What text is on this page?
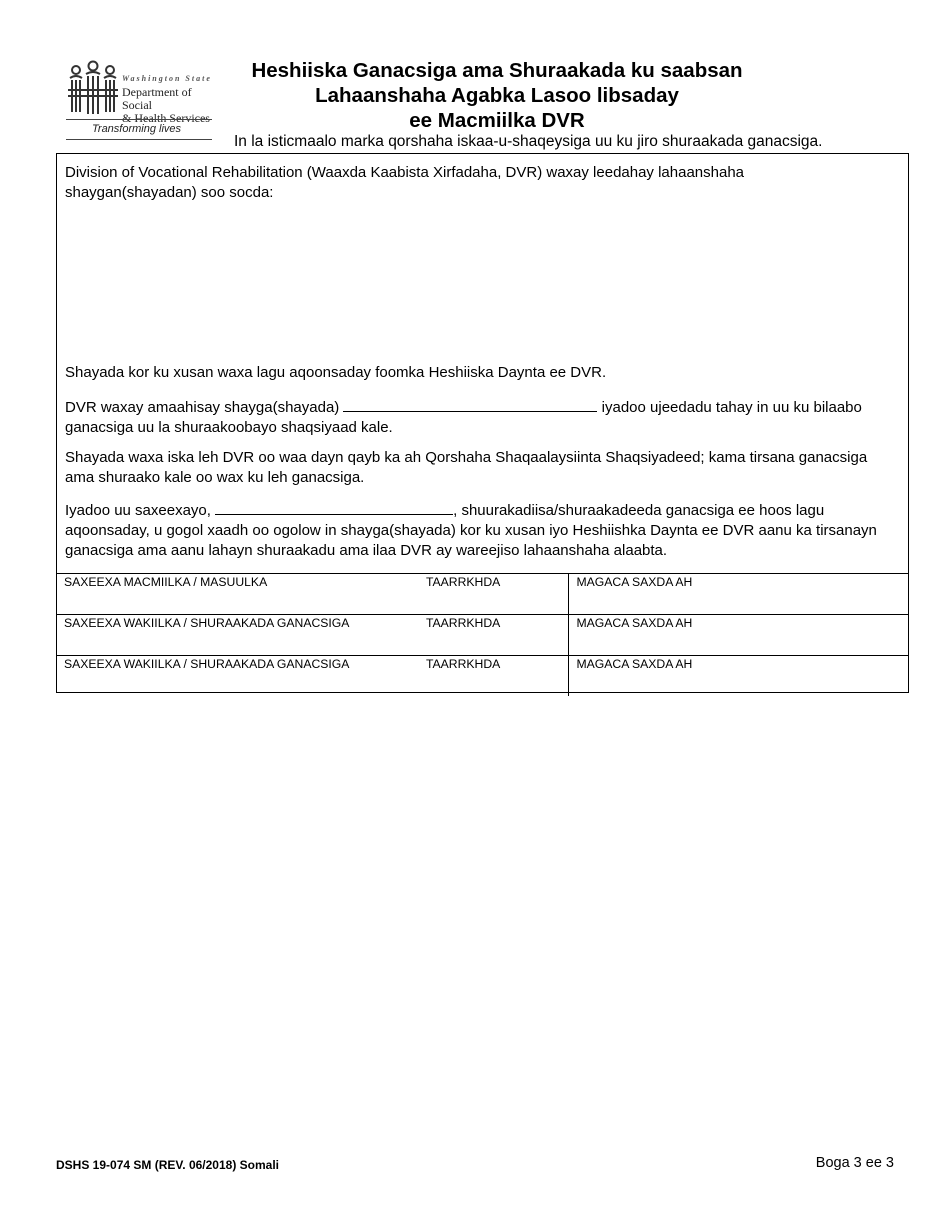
Washington State
Department of Social
& Health Services
Transforming lives
Heshiiska Ganacsiga ama Shuraakada ku saabsan
Lahaanshaha Agabka Lasoo libsaday
ee Macmiilka DVR
In la isticmaalo marka qorshaha iskaa-u-shaqeysiga uu ku jiro shuraakada ganacsiga.
Division of Vocational Rehabilitation (Waaxda Kaabista Xirfadaha, DVR) waxay leedahay lahaanshaha shaygan(shayadan) soo socda:
Shayada kor ku xusan waxa lagu aqoonsaday foomka Heshiiska Daynta ee DVR.
DVR waxay amaahisay shayga(shayada)	iyadoo ujeedadu tahay in uu ku bilaabo ganacsiga uu la shuraakoobayo shaqsiyaad kale.
Shayada waxa iska leh DVR oo waa dayn qayb ka ah Qorshaha Shaqaalaysiinta Shaqsiyadeed; kama tirsana ganacsiga ama shuraako kale oo wax ku leh ganacsiga.
Iyadoo uu saxeexayo,	, shuurakadiisa/shuraakadeeda ganacsiga ee hoos lagu aqoonsaday, u gogol xaadh oo ogolow in shayga(shayada) kor ku xusan iyo Heshiishka Daynta ee DVR aanu ka tirsanayn ganacsiga ama aanu lahayn shuraakadu ama ilaa DVR ay wareejiso lahaanshaha alaabta.
SAXEEXA MACMIILKA / MASUULKA	TAARRKHDA	MAGACA SAXDA AH
SAXEEXA WAKIILKA / SHURAAKADA GANACSIGA	TAARRKHDA	MAGACA SAXDA AH
SAXEEXA WAKIILKA / SHURAAKADA GANACSIGA	TAARRKHDA	MAGACA SAXDA AH
DSHS 19-074 SM (REV. 06/2018) Somali	Boga 3 ee 3
